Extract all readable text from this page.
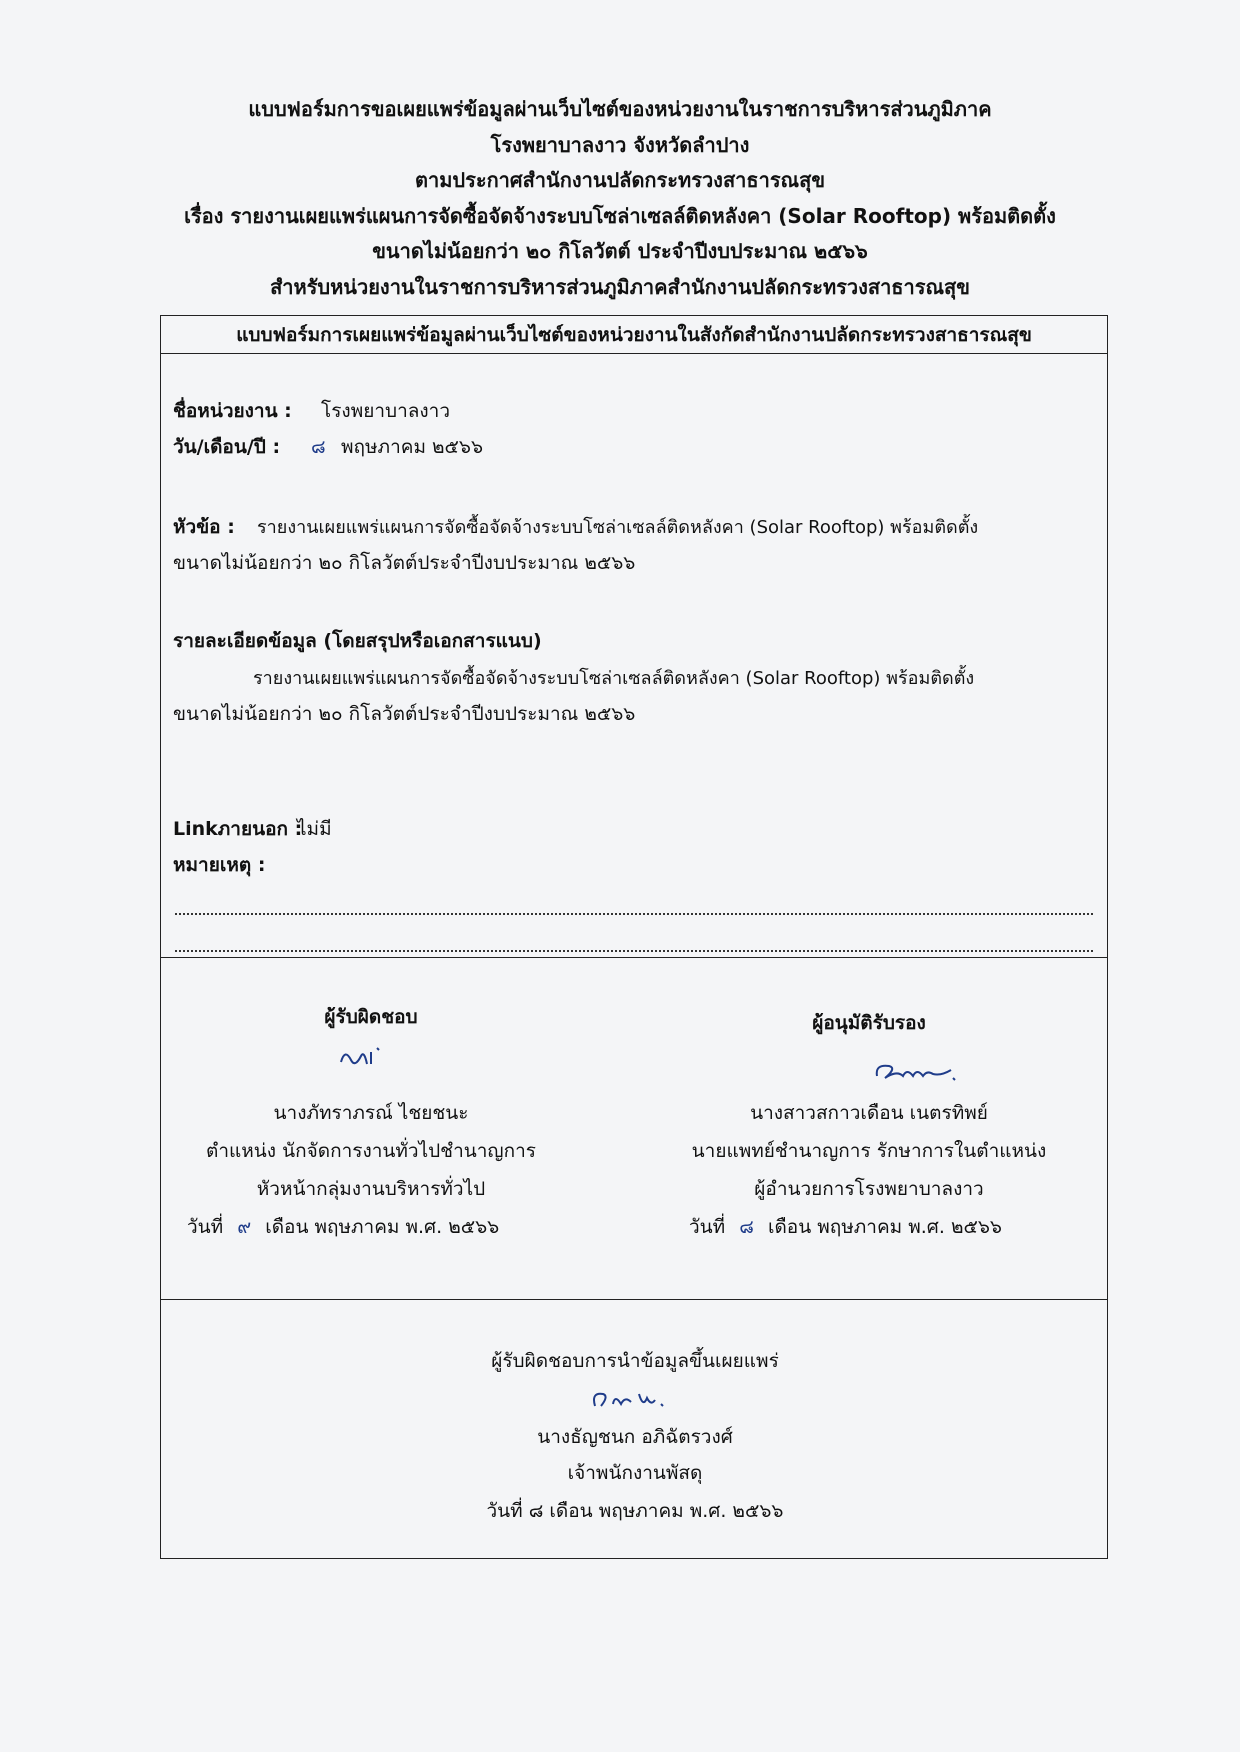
แบบฟอร์มการขอเผยแพร่ข้อมูลผ่านเว็บไซต์ของหน่วยงานในราชการบริหารส่วนภูมิภาค
โรงพยาบาลงาว จังหวัดลำปาง
ตามประกาศสำนักงานปลัดกระทรวงสาธารณสุข
เรื่อง รายงานเผยแพร่แผนการจัดซื้อจัดจ้างระบบโซล่าเซลล์ติดหลังคา (Solar Rooftop) พร้อมติดตั้ง
ขนาดไม่น้อยกว่า ๒๐ กิโลวัตต์ ประจำปีงบประมาณ ๒๕๖๖
สำหรับหน่วยงานในราชการบริหารส่วนภูมิภาคสำนักงานปลัดกระทรวงสาธารณสุข
แบบฟอร์มการเผยแพร่ข้อมูลผ่านเว็บไซต์ของหน่วยงานในสังกัดสำนักงานปลัดกระทรวงสาธารณสุข
ชื่อหน่วยงาน : โรงพยาบาลงาว
วัน/เดือน/ปี : ๘ พฤษภาคม ๒๕๖๖
หัวข้อ : รายงานเผยแพร่แผนการจัดซื้อจัดจ้างระบบโซล่าเซลล์ติดหลังคา (Solar Rooftop) พร้อมติดตั้ง
ขนาดไม่น้อยกว่า ๒๐ กิโลวัตต์ประจำปีงบประมาณ ๒๕๖๖
รายละเอียดข้อมูล (โดยสรุปหรือเอกสารแนบ)
รายงานเผยแพร่แผนการจัดซื้อจัดจ้างระบบโซล่าเซลล์ติดหลังคา (Solar Rooftop) พร้อมติดตั้ง
ขนาดไม่น้อยกว่า ๒๐ กิโลวัตต์ประจำปีงบประมาณ ๒๕๖๖
Linkภายนอก :
ไม่มี
หมายเหตุ :
ผู้รับผิดชอบ
นางภัทราภรณ์ ไชยชนะ
ตำแหน่ง นักจัดการงานทั่วไปชำนาญการ
หัวหน้ากลุ่มงานบริหารทั่วไป
วันที่ ๙ เดือน พฤษภาคม พ.ศ. ๒๕๖๖
ผู้อนุมัติรับรอง
นางสาวสกาวเดือน เนตรทิพย์
นายแพทย์ชำนาญการ รักษาการในตำแหน่ง
ผู้อำนวยการโรงพยาบาลงาว
วันที่ ๘ เดือน พฤษภาคม พ.ศ. ๒๕๖๖
ผู้รับผิดชอบการนำข้อมูลขึ้นเผยแพร่
นางธัญชนก อภิฉัตรวงศ์
เจ้าพนักงานพัสดุ
วันที่ ๘ เดือน พฤษภาคม พ.ศ. ๒๕๖๖
